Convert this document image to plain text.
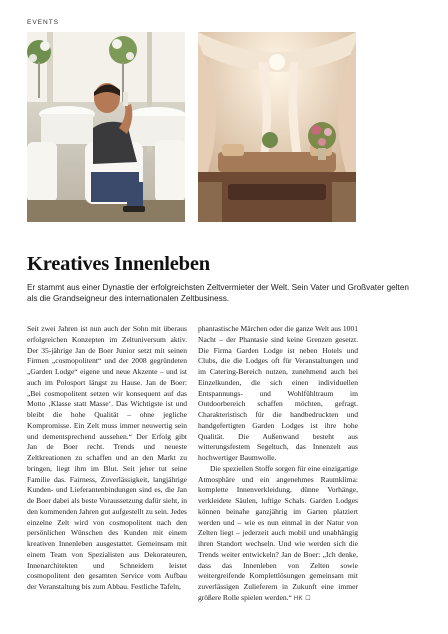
EVENTS
Kreatives Innenleben

Er stammt aus einer Dynastie der erfolgreichsten Zeltvermieter der Welt. Sein Vater und Großvater gelten als die Grandseigneur des internationalen Zeltbusiness.

Seit zwei Jahren ist nun auch der Sohn mit überaus erfolgreichen Konzepten im Zeltuniversum aktiv. Der 35-jährige Jan de Boer Junior setzt mit seinen Firmen „cosmopolitent“ und der 2008 gegründeten „Garden Lodge“ eigene und neue Akzente – und ist auch im Polosport längst zu Hause. Jan de Boer: „Bei cosmopolitent setzen wir konsequent auf das Motto ‚Klasse statt Masse‘. Das Wichtigste ist und bleibt die hohe Qualität – ohne jegliche Kompromisse. Ein Zelt muss immer neuwertig sein und dementsprechend aussehen.“ Der Erfolg gibt Jan de Boer recht. Trends und neueste Zeltkreationen zu schaffen und an den Markt zu bringen, liegt ihm im Blut. Seit jeher tut seine Familie das. Fairness, Zuverlässigkeit, langjährige Kunden- und Lieferantenbindungen sind es, die Jan de Boer dabei als beste Voraussetzung dafür sieht, in den kommenden Jahren gut aufgestellt zu sein. Jedes einzelne Zelt wird von cosmopolitent nach den persönlichen Wünschen des Kunden mit einem kreativen Innenleben ausgestattet. Gemeinsam mit einem Team von Spezialisten aus Dekorateuren, Innenarchitekten und Schneidern leistet cosmopolitent den gesamten Service vom Aufbau der Veranstaltung bis zum Abbau. Festliche Tafeln,

phantastische Märchen oder die ganze Welt aus 1001 Nacht – der Phantasie sind keine Grenzen gesetzt. Die Firma Garden Lodge ist neben Hotels und Clubs, die die Lodges oft für Veranstaltungen und im Catering-Bereich nutzen, zunehmend auch bei Einzelkunden, die sich einen individuellen Entspannungs- und Wohlfühltraum im Outdoorbereich schaffen möchten, gefragt. Charakteristisch für die handbedruckten und handgefertigten Garden Lodges ist ihre hohe Qualität. Die Außenwand besteht aus witterungsfestem Segeltuch, das Innenzelt aus hochwertiger Baumwolle.

Die speziellen Stoffe sorgen für eine einzigartige Atmosphäre und ein angenehmes Raumklima: komplette Innenverkleidung, dünne Vorhänge, verkleidete Säulen, luftige Schals. Garden Lodges können beinahe ganzjährig im Garten platziert werden und – wie es nun einmal in der Natur von Zelten liegt – jederzeit auch mobil und unabhängig ihren Standort wechseln. Und wie werden sich die Trends weiter entwickeln? Jan de Boer: „Ich denke, dass das Innenleben von Zelten sowie weitergreifende Komplettlösungen gemeinsam mit zuverlässigen Zulieferern in Zukunft eine immer größere Rolle spielen werden.“ HK ☐
